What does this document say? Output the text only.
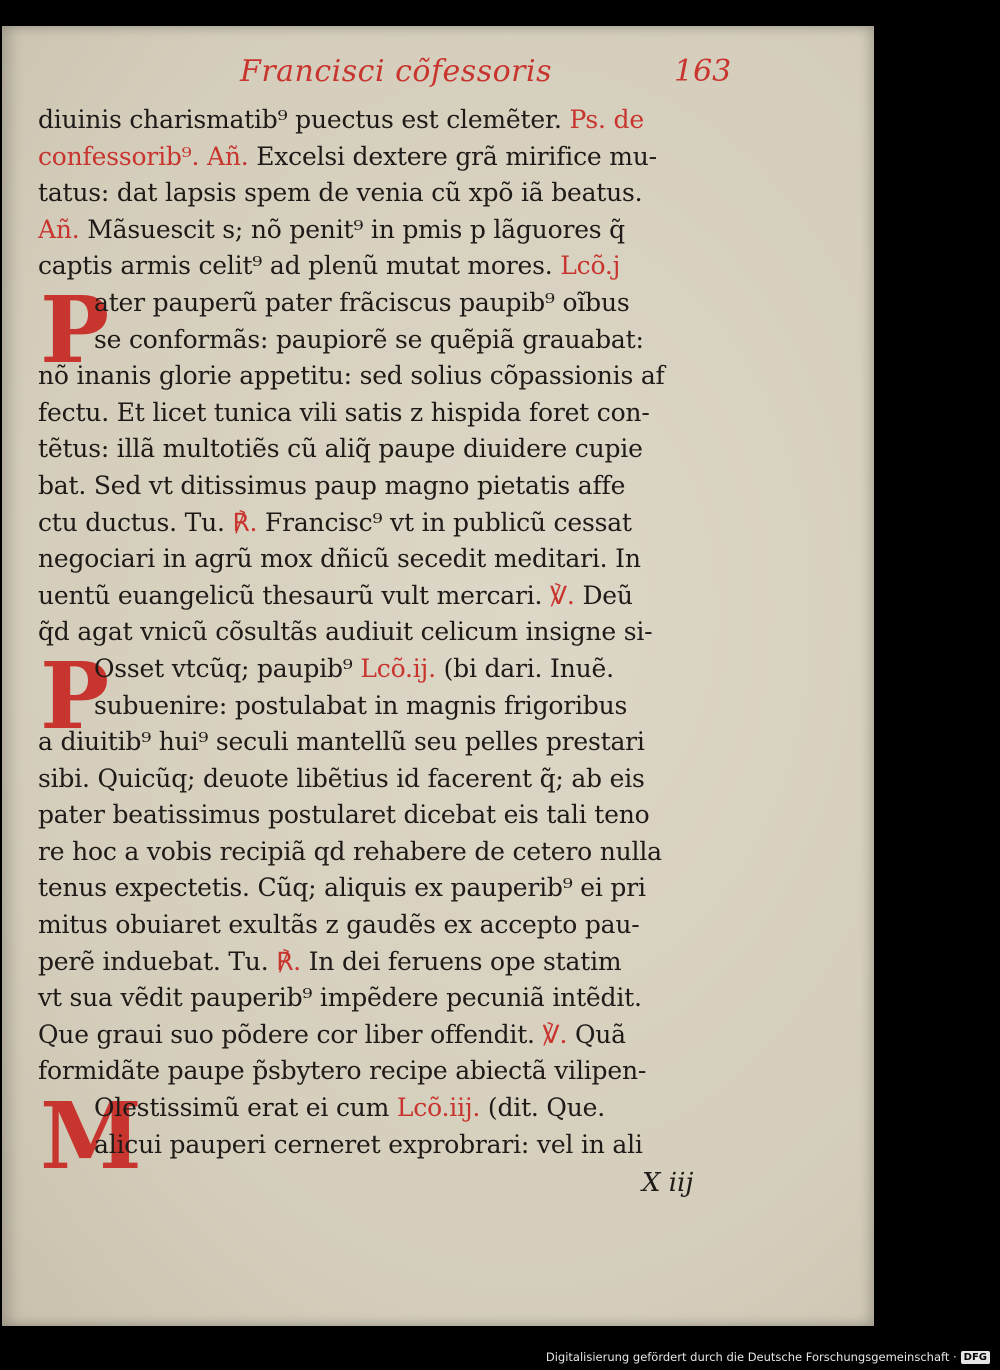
Francisci cõfessoris	163
P
P
M
diuinis charismatib⁹ puectus est clemẽter. Ps. de
confessorib⁹. Añ. Excelsi dextere grã mirifice mu-
tatus: dat lapsis spem de venia cũ xpõ iã beatus.
Añ. Mãsuescit s; nõ penit⁹ in pmis p lãguores q̃
captis armis celit⁹ ad plenũ mutat mores. Lcõ.j
ater pauperũ pater frãciscus paupib⁹ oĩbus
se conformãs: paupiorẽ se quẽpiã grauabat:
nõ inanis glorie appetitu: sed solius cõpassionis af
fectu. Et licet tunica vili satis z hispida foret con-
tẽtus: illã multotiẽs cũ aliq̃ paupe diuidere cupie
bat. Sed vt ditissimus paup magno pietatis affe
ctu ductus. Tu. ℟. Francisc⁹ vt in publicũ cessat
negociari in agrũ mox dñicũ secedit meditari. In
uentũ euangelicũ thesaurũ vult mercari. ℣. Deũ
q̃d agat vnicũ cõsultãs audiuit celicum insigne si-
Osset vtcũq; paupib⁹ Lcõ.ij. (bi dari. Inuẽ.
subuenire: postulabat in magnis frigoribus
a diuitib⁹ hui⁹ seculi mantellũ seu pelles prestari
sibi. Quicũq; deuote libẽtius id facerent q̃; ab eis
pater beatissimus postularet dicebat eis tali teno
re hoc a vobis recipiã qd rehabere de cetero nulla
tenus expectetis. Cũq; aliquis ex pauperib⁹ ei pri
mitus obuiaret exultãs z gaudẽs ex accepto pau-
perẽ induebat. Tu. ℟. In dei feruens ope statim
vt sua vẽdit pauperib⁹ impẽdere pecuniã intẽdit.
Que graui suo põdere cor liber offendit. ℣. Quã
formidãte paupe p̃sbytero recipe abiectã vilipen-
Olestissimũ erat ei cum Lcõ.iij. (dit. Que.
alicui pauperi cerneret exprobrari: vel in ali
X iij
Digitalisierung gefördert durch die Deutsche Forschungsgemeinschaft · DFG
